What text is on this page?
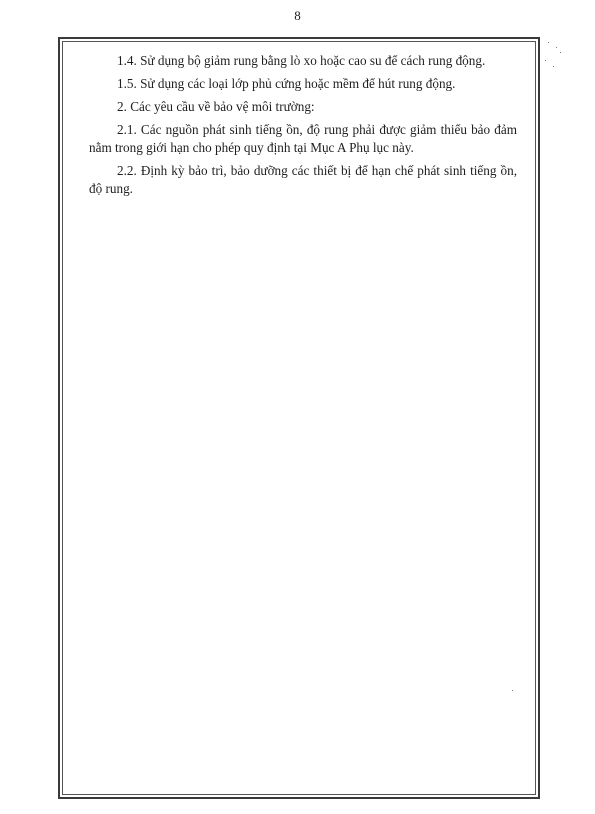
8

1.4. Sử dụng bộ giảm rung bằng lò xo hoặc cao su để cách rung động.

1.5. Sử dụng các loại lớp phủ cứng hoặc mềm để hút rung động.

2. Các yêu cầu về bảo vệ môi trường:

2.1. Các nguồn phát sinh tiếng ồn, độ rung phải được giảm thiểu bảo đảm nằm trong giới hạn cho phép quy định tại Mục A Phụ lục này.

2.2. Định kỳ bảo trì, bảo dưỡng các thiết bị để hạn chế phát sinh tiếng ồn, độ rung.
